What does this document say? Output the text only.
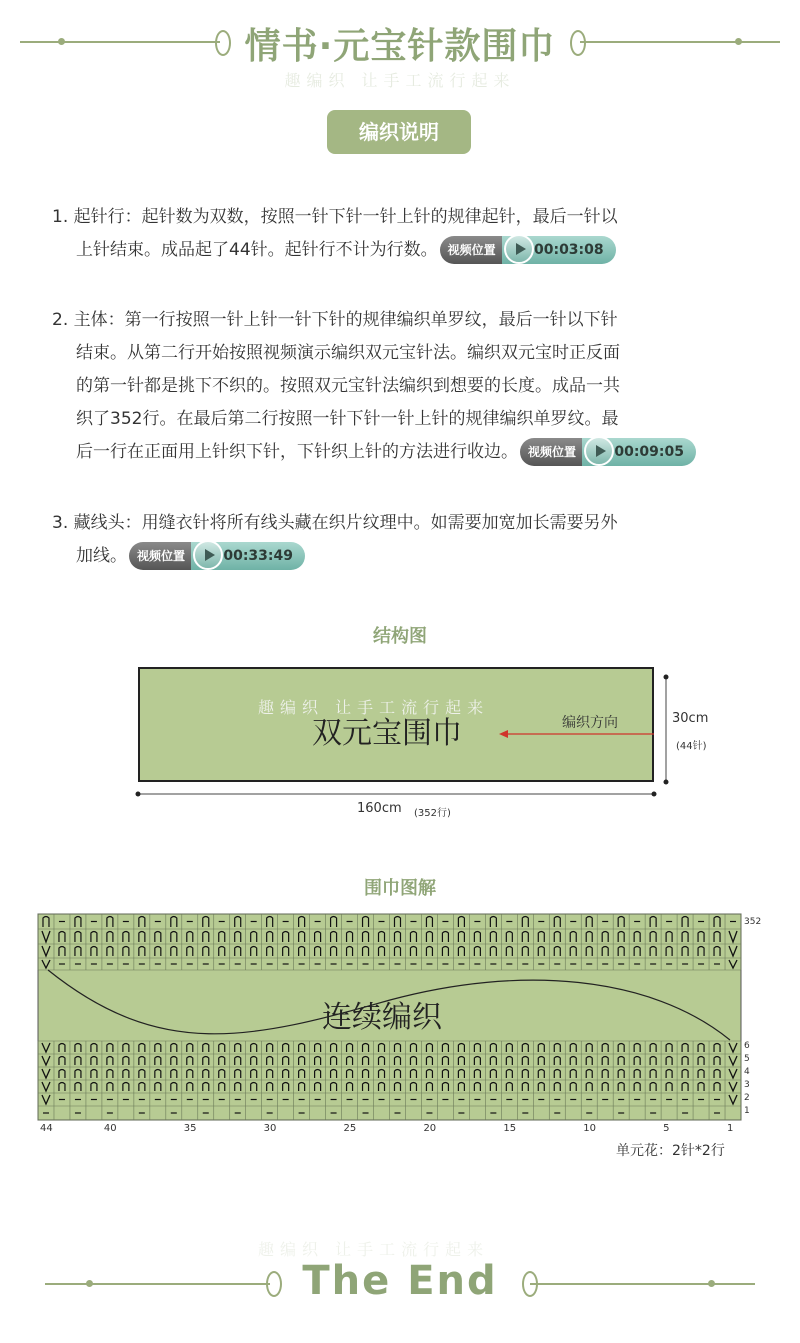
情书·元宝针款围巾
趣编织 让手工流行起来
编织说明
1. 起针行：起针数为双数，按照一针下针一针上针的规律起针，最后一针以
上针结束。成品起了44针。起针行不计为行数。 视频位置	00:03:08
2. 主体：第一行按照一针上针一针下针的规律编织单罗纹，最后一针以下针
结束。从第二行开始按照视频演示编织双元宝针法。编织双元宝时正反面
的第一针都是挑下不织的。按照双元宝针法编织到想要的长度。成品一共
织了352行。在最后第二行按照一针下针一针上针的规律编织单罗纹。最
后一行在正面用上针织下针，下针织上针的方法进行收边。 视频位置	00:09:05
3. 藏线头：用缝衣针将所有线头藏在织片纹理中。如需要加宽加长需要另外
加线。 视频位置	00:33:49
结构图
趣编织 让手工流行起来
双元宝围巾	编织方向	30cm
(44针)
160cm (352行)
围巾图解
连续编织
352
6
5
4
3
2
1
44	40	35	30	25	20	15	10	5	1
单元花：2针*2行
The End
趣编织 让手工流行起来
